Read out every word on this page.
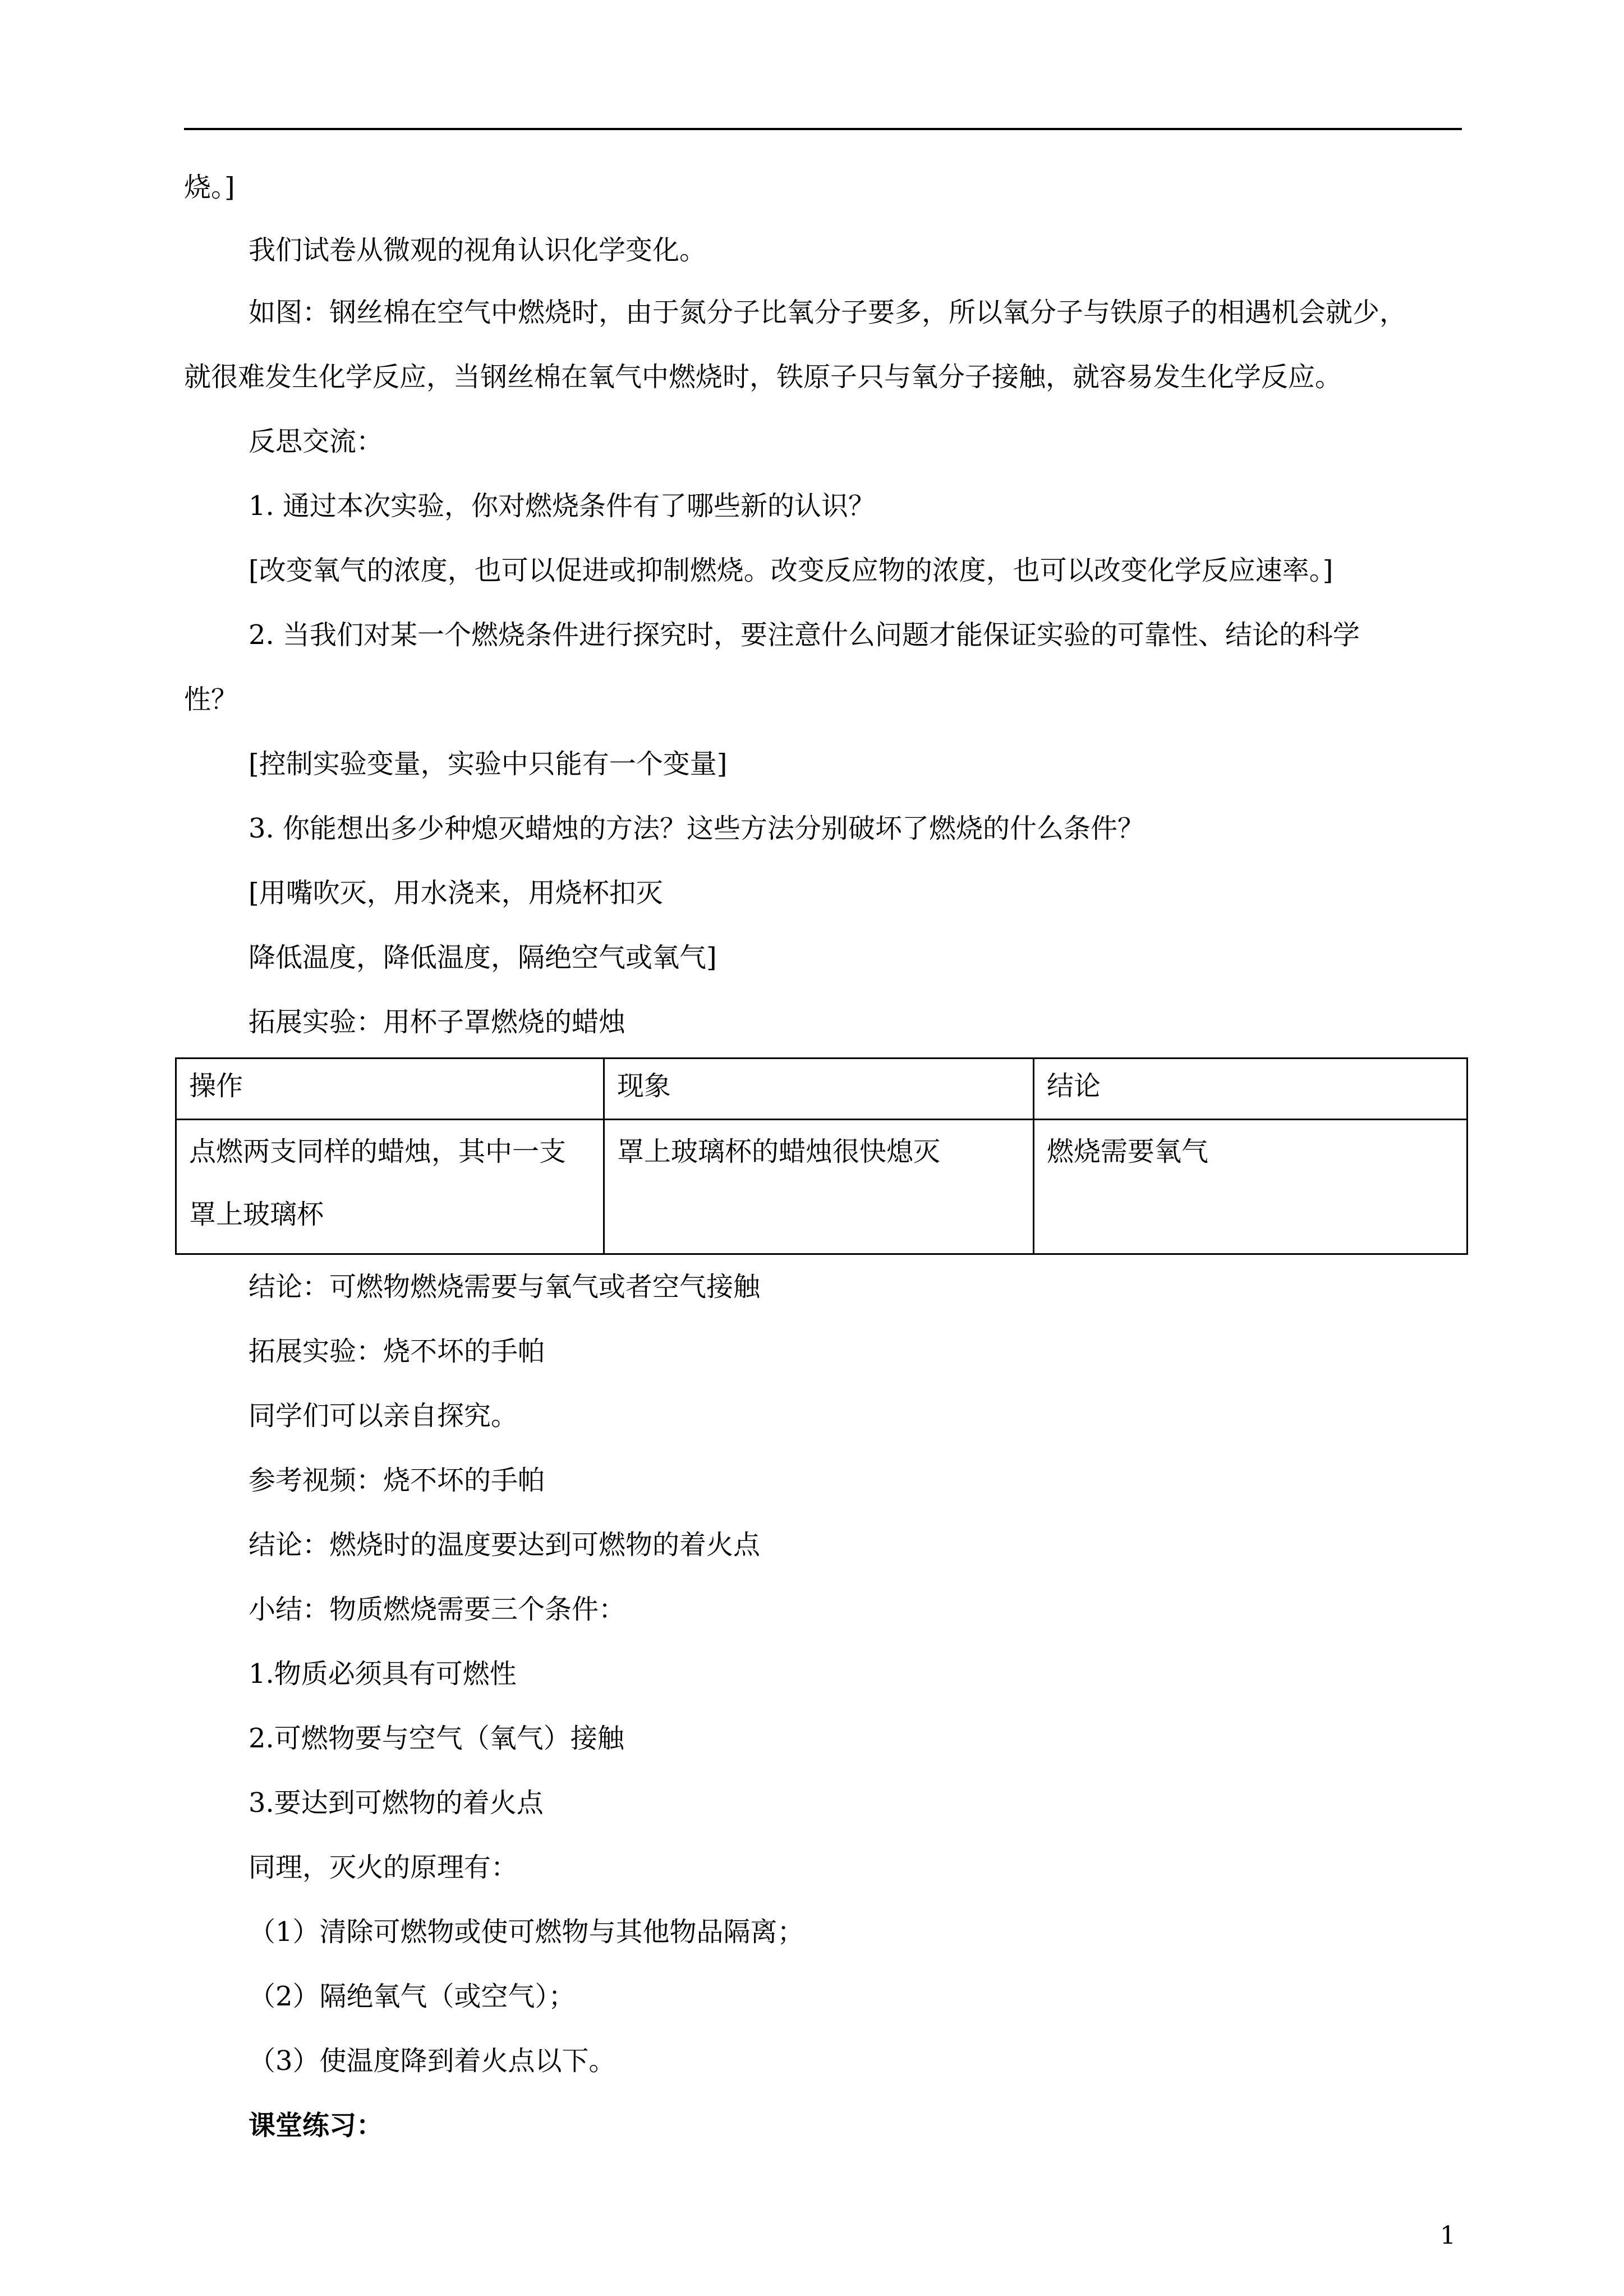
烧。]
我们试卷从微观的视角认识化学变化。
如图：钢丝棉在空气中燃烧时，由于氮分子比氧分子要多，所以氧分子与铁原子的相遇机会就少，
就很难发生化学反应，当钢丝棉在氧气中燃烧时，铁原子只与氧分子接触，就容易发生化学反应。
反思交流：
1. 通过本次实验，你对燃烧条件有了哪些新的认识？
[改变氧气的浓度，也可以促进或抑制燃烧。改变反应物的浓度，也可以改变化学反应速率。]
2. 当我们对某一个燃烧条件进行探究时，要注意什么问题才能保证实验的可靠性、结论的科学
性？
[控制实验变量，实验中只能有一个变量]
3. 你能想出多少种熄灭蜡烛的方法？这些方法分别破坏了燃烧的什么条件？
[用嘴吹灭，用水浇来，用烧杯扣灭
降低温度，降低温度，隔绝空气或氧气]
拓展实验：用杯子罩燃烧的蜡烛
操作	现象	结论

点燃两支同样的蜡烛，其中一支罩上玻璃杯	罩上玻璃杯的蜡烛很快熄灭	燃烧需要氧气
结论：可燃物燃烧需要与氧气或者空气接触
拓展实验：烧不坏的手帕
同学们可以亲自探究。
参考视频：烧不坏的手帕
结论：燃烧时的温度要达到可燃物的着火点
小结：物质燃烧需要三个条件：
1.物质必须具有可燃性
2.可燃物要与空气（氧气）接触
3.要达到可燃物的着火点
同理，灭火的原理有：
（1）清除可燃物或使可燃物与其他物品隔离；
（2）隔绝氧气（或空气）；
（3）使温度降到着火点以下。
课堂练习：
1
